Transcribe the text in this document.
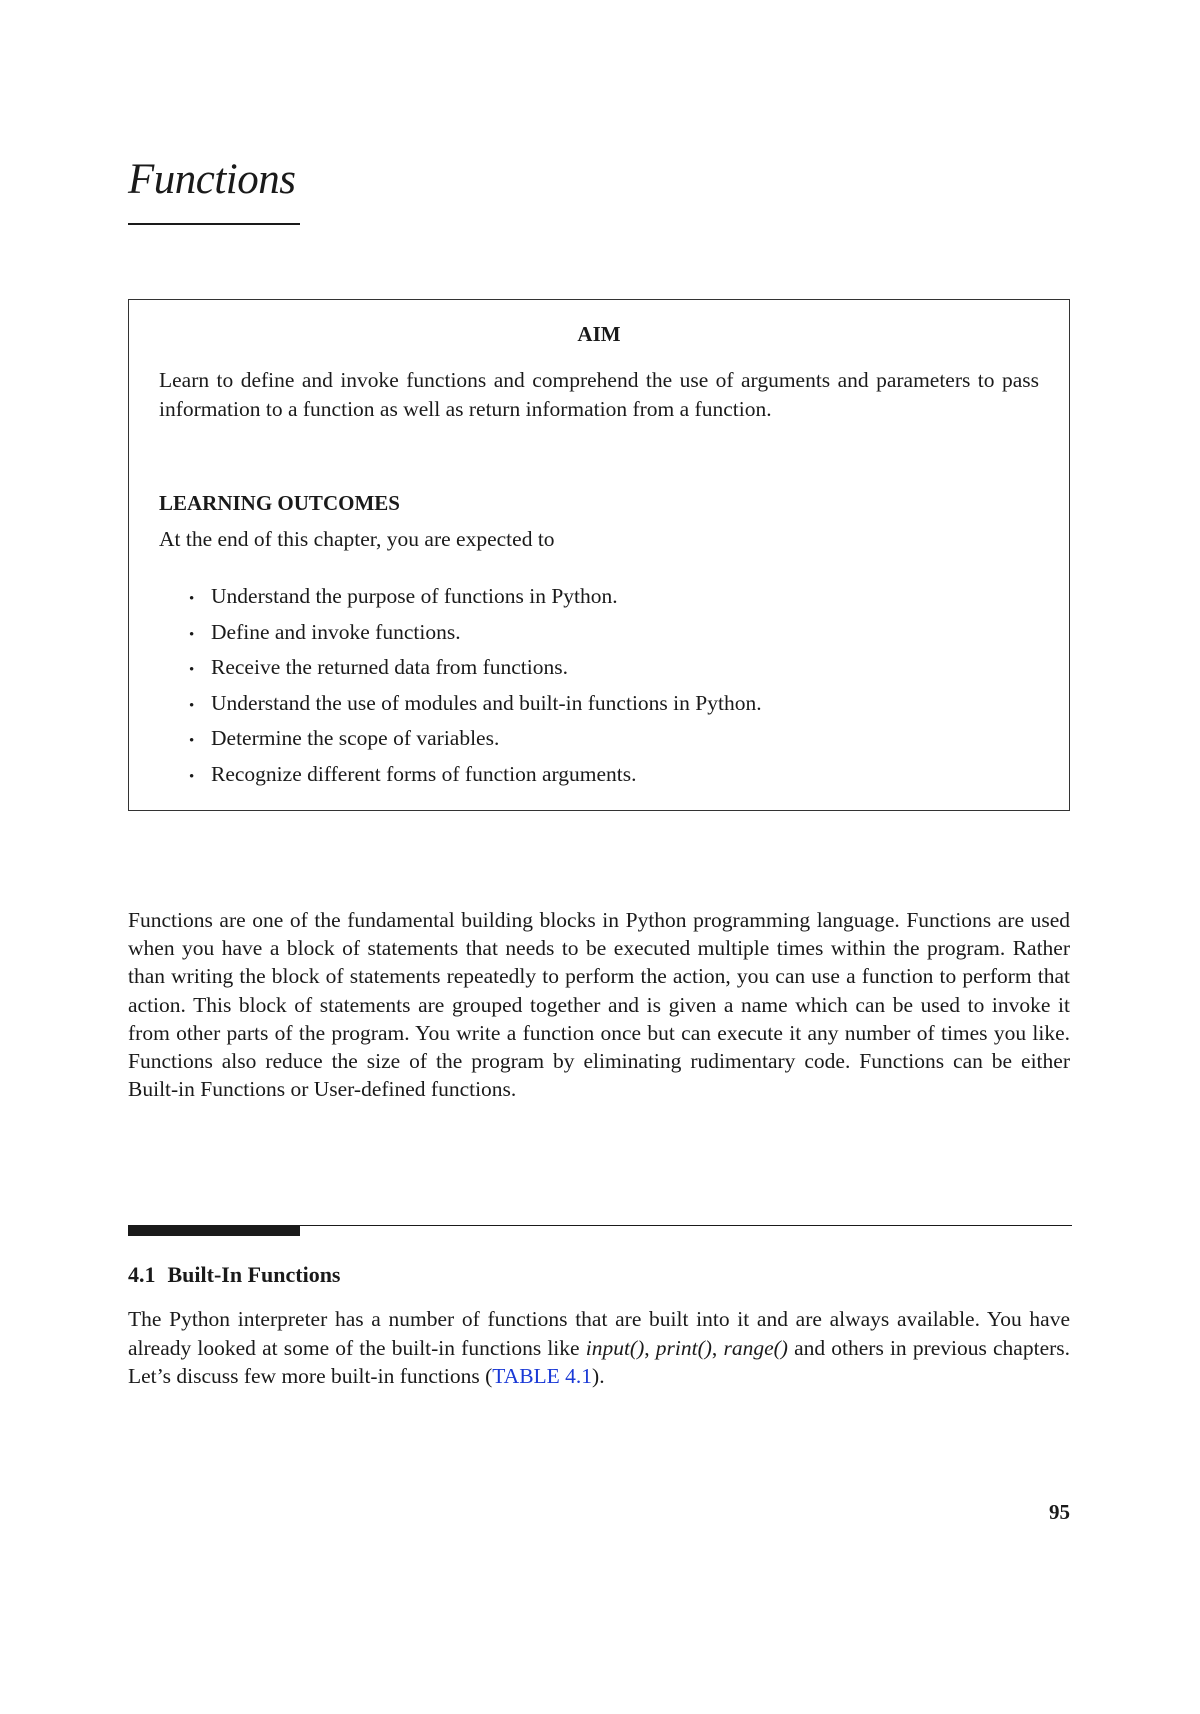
Functions

AIM

Learn to define and invoke functions and comprehend the use of arguments and parameters to pass information to a function as well as return information from a function.

LEARNING OUTCOMES

At the end of this chapter, you are expected to

• Understand the purpose of functions in Python.
• Define and invoke functions.
• Receive the returned data from functions.
• Understand the use of modules and built-in functions in Python.
• Determine the scope of variables.
• Recognize different forms of function arguments.

Functions are one of the fundamental building blocks in Python programming language. Functions are used when you have a block of statements that needs to be executed multiple times within the program. Rather than writing the block of statements repeatedly to perform the action, you can use a function to perform that action. This block of statements are grouped together and is given a name which can be used to invoke it from other parts of the program. You write a function once but can execute it any number of times you like. Functions also reduce the size of the program by eliminating rudimentary code. Functions can be either Built-in Functions or User-defined functions.

4.1 Built-In Functions

The Python interpreter has a number of functions that are built into it and are always available. You have already looked at some of the built-in functions like input(), print(), range() and others in previous chapters. Let’s discuss few more built-in functions (TABLE 4.1).

95
